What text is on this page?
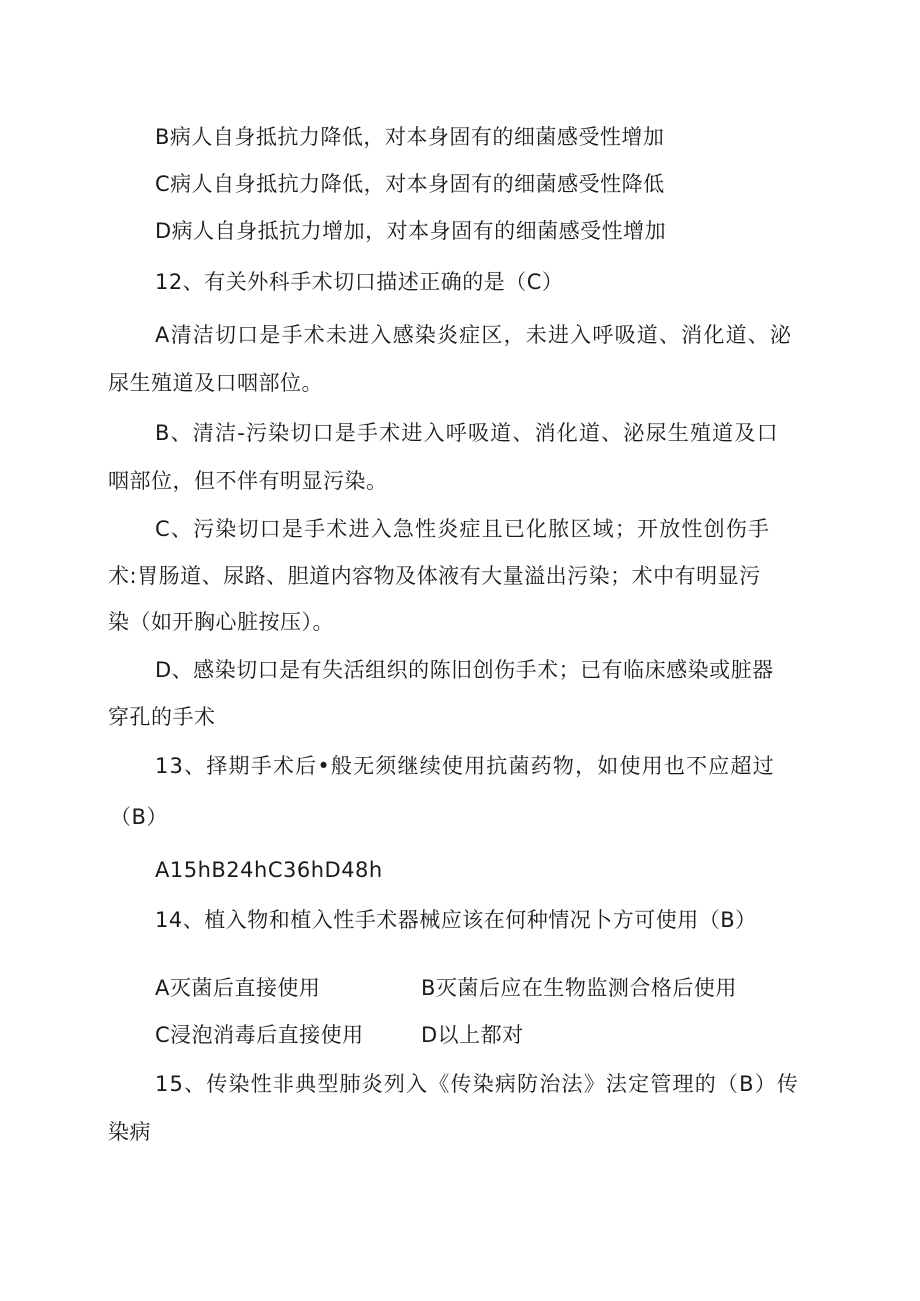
B病人自身抵抗力降低，对本身固有的细菌感受性增加
C病人自身抵抗力降低，对本身固有的细菌感受性降低
D病人自身抵抗力增加，对本身固有的细菌感受性增加
12、有关外科手术切口描述正确的是（C）
A清洁切口是手术未进入感染炎症区，未进入呼吸道、消化道、泌
尿生殖道及口咽部位。
B、清洁-污染切口是手术进入呼吸道、消化道、泌尿生殖道及口
咽部位，但不伴有明显污染。
C、污染切口是手术进入急性炎症且已化脓区域；开放性创伤手
术:胃肠道、尿路、胆道内容物及体液有大量溢出污染；术中有明显污
染（如开胸心脏按压）。
D、感染切口是有失活组织的陈旧创伤手术；已有临床感染或脏器
穿孔的手术
13、择期手术后•般无须继续使用抗菌药物，如使用也不应超过
（B）
A15hB24hC36hD48h
14、植入物和植入性手术器械应该在何种情况卜方可使用（B）
A灭菌后直接使用	B灭菌后应在生物监测合格后使用
C浸泡消毒后直接使用	D以上都对
15、传染性非典型肺炎列入《传染病防治法》法定管理的（B）传
染病
